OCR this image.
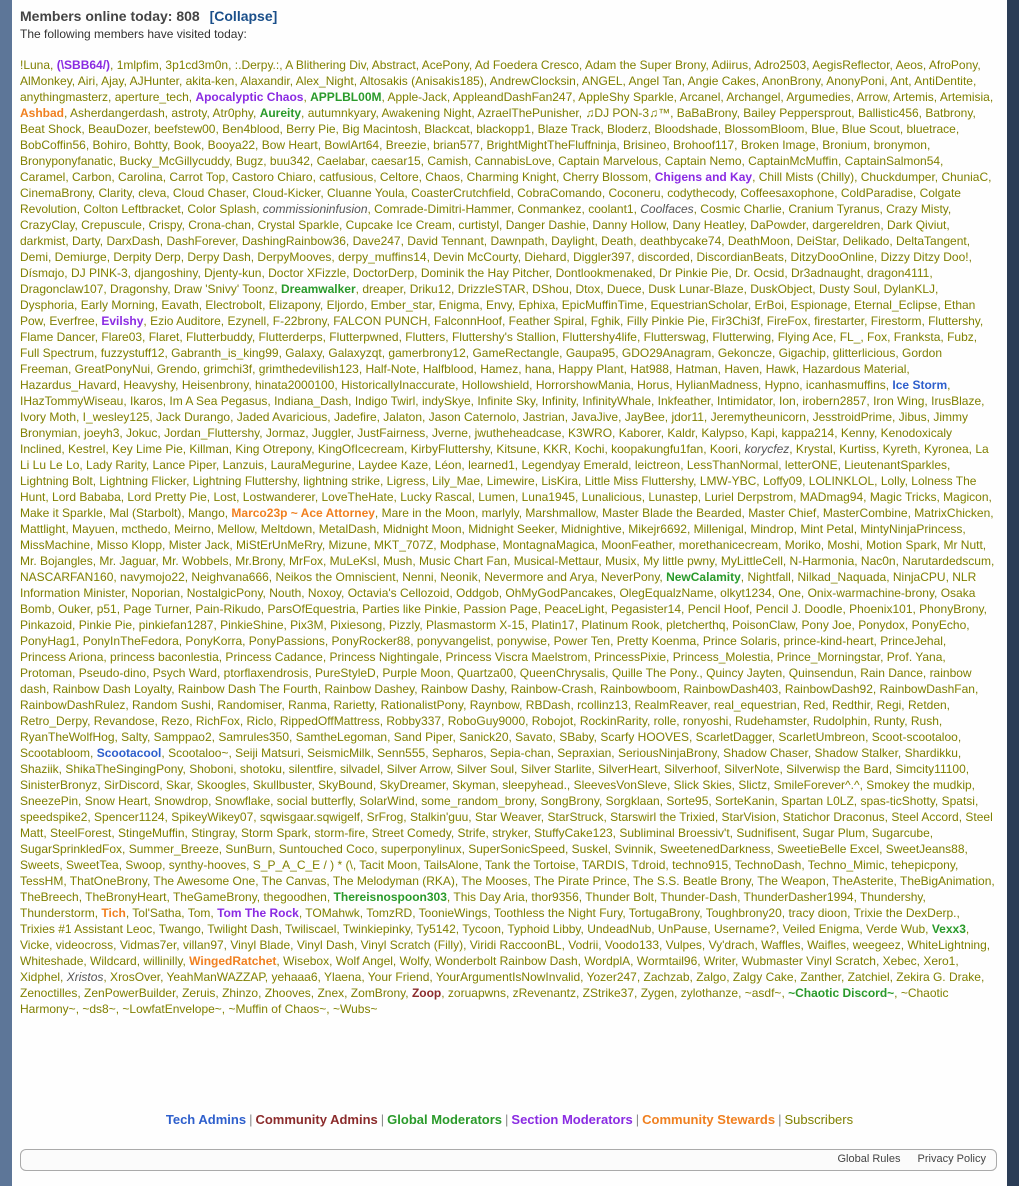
Members online today: 808 [Collapse]
The following members have visited today:
!Luna, (\SBB64/), 1mlpfim, 3p1cd3m0n, :.Derpy.:, A Blithering Div, Abstract, AcePony, Ad Foedera Cresco, Adam the Super Brony, Adiirus, Adro2503, AegisReflector, Aeos, AfroPony, AlMonkey, Airi, Ajay, AJHunter, akita-ken, Alaxandir, Alex_Night, Altosakis (Anisakis185), AndrewClocksin, ANGEL, Angel Tan, Angie Cakes, AnonBrony, AnonyPoni, Ant, AntiDentite, anythingmasterz, aperture_tech, Apocalyptic Chaos, APPLBL00M, Apple-Jack, AppleandDashFan247, AppleShy Sparkle, Arcanel, Archangel, Argumedies, Arrow, Artemis, Artemisia, Ashbad, Asherdangerdash, astroty, Atr0phy, Aureity, autumnkyary, Awakening Night, AzraelThePunisher, ♫DJ PON-3♫™, BaBaBrony, Bailey Peppersprout, Ballistic456, Batbrony, Beat Shock, BeauDozer, beefstew00, Ben4blood, Berry Pie, Big Macintosh, Blackcat, blackopp1, Blaze Track, Bloderz, Bloodshade, BlossomBloom, Blue, Blue Scout, bluetrace, BobCoffin56, Bohiro, Bohtty, Book, Booya22, Bow Heart, BowlArt64, Breezie, brian577, BrightMightTheFluffninja, Brisineo, Brohoof117, Broken Image, Bronium, bronymon, Bronyponyfanatic, Bucky_McGillycuddy, Bugz, buu342, Caelabar, caesar15, Camish, CannabisLove, Captain Marvelous, Captain Nemo, CaptainMcMuffin, CaptainSalmon54, Caramel, Carbon, Carolina, Carrot Top, Castoro Chiaro, catfusious, Celtore, Chaos, Charming Knight, Cherry Blossom, Chigens and Kay, Chill Mists (Chilly), Chuckdumper, ChuniaC, CinemaBrony, Clarity, cleva, Cloud Chaser, Cloud-Kicker, Cluanne Youla, CoasterCrutchfield, CobraComando, Coconeru, codythecody, Coffeesaxophone, ColdParadise, Colgate Revolution, Colton Leftbracket, Color Splash, commissioninfusion, Comrade-Dimitri-Hammer, Conmankez, coolant1, Coolfaces, Cosmic Charlie, Cranium Tyranus, Crazy Misty, CrazyClay, Crepuscule, Crispy, Crona-chan, Crystal Sparkle, Cupcake Ice Cream, curtistyl, Danger Dashie, Danny Hollow, Dany Heatley, DaPowder, dargereldren, Dark Qiviut, darkmist, Darty, DarxDash, DashForever, DashingRainbow36, Dave247, David Tennant, Dawnpath, Daylight, Death, deathbycake74, DeathMoon, DeiStar, Delikado, DeltaTangent, Demi, Demiurge, Derpity Derp, Derpy Dash, DerpyMooves, derpy_muffins14, Devin McCourty, Diehard, Diggler397, discorded, DiscordianBeats, DitzyDooOnline, Dizzy Ditzy Doo!, Dísmαjo, DJ PINK-3, djangoshiny, Djenty-kun, Doctor XFizzle, DoctorDerp, Dominik the Hay Pitcher, Dontlookmenaked, Dr Pinkie Pie, Dr. Ocsid, Dr3adnaught, dragon4111, Dragonclaw107, Dragonshy, Draw 'Snivy' Toonz, Dreamwalker, dreaper, Driku12, DrizzleSTAR, DShou, Dtox, Duece, Dusk Lunar-Blaze, DuskObject, Dusty Soul, DylanKLJ, Dysphoria, Early Morning, Eavath, Electrobolt, Elizapony, Eljordo, Ember_star, Enigma, Envy, Ephixa, EpicMuffinTime, EquestrianScholar, ErBoi, Espionage, Eternal_Eclipse, Ethan Pow, Everfree, Evilshy, Ezio Auditore, Ezynell, F-22brony, FALCON PUNCH, FalconnHoof, Feather Spiral, Fghik, Filly Pinkie Pie, Fir3Chi3f, FireFox, firestarter, Firestorm, Fluttershy, Flame Dancer, Flare03, Flaret, Flutterbuddy, Flutterderps, Flutterpwned, Flutters, Fluttershy's Stallion, Fluttershy4life, Flutterswag, Flutterwing, Flying Ace, FL_, Fox, Frankstа, Fubz, Full Spectrum, fuzzystuff12, Gabranth_is_king99, Galaxy, Galaxyzqt, gamerbrony12, GameRectangle, Gaupa95, GDO29Anagram, Gekoncze, Gigachip, glitterlicious, Gordon Freeman, GreatPonyNui, Grendo, grimchi3f, grimthedevilish123, Half-Note, Halfblood, Hamez, hana, Happy Plant, Hat988, Hatman, Haven, Hawk, Hazardous Material, Hazardus_Havard, Heavyshy, Heisenbrony, hinata2000100, HistoricallyInaccurate, Hollowshield, HorrorshowMania, Horus, HylianMadness, Hypno, icanhasmuffins, Ice Storm, IHazTommyWiseau, Ikaros, Im A Sea Pegasus, Indiana_Dash, Indigo Twirl, indySkye, Infinite Sky, Infinity, InfinityWhale, Inkfeather, Intimidator, Ion, irobern2857, Iron Wing, IrusBlaze, Ivory Moth, I_wesley125, Jack Durango, Jaded Avaricious, Jadefire, Jalaton, Jason Caternolo, Jastrian, JavaJive, JayBee, jdor11, Jeremytheunicorn, JesstroidPrime, Jibus, Jimmy Bronymian, joeyh3, Jokuc, Jordan_Fluttershy, Jormaz, Juggler, JustFairness, Jverne, jwutheheadcase, K3WRO, Kaborer, Kaldr, Kalypso, Kapi, kappa214, Kenny, Kenodoxicaly Inclined, Kestrel, Key Lime Pie, Killman, King Otreрony, KingOfIcecream, KirbyFluttershy, Kitsune, KKR, Kochi, koopakungfu1fan, Koori, korycfez, Krystal, Kurtiss, Kyreth, Kyronea, La Li Lu Le Lo, Lady Rarity, Lance Piper, Lanzuis, LauraMegurine, Laydee Kaze, Léon, learned1, Legendyay Emerald, leictreon, LessThanNormal, letterONE, LieutenantSparkles, Lightning Bolt, Lightning Flicker, Lightning Fluttershy, lightning strike, Ligress, Lily_Mae, Limewire, LisKira, Little Miss Fluttershy, LMW-YBC, Loffy09, LOLINKLOL, Lolly, Lolness The Hunt, Lord Bababa, Lord Pretty Pie, Lost, Lostwanderer, LoveTheHate, Lucky Rascal, Lumen, Luna1945, Lunalicious, Lunastep, Luriel Derpstrom, MADmag94, Magic Tricks, Magicon, Make it Sparkle, Mal (Starbolt), Mango, Marco23p ~ Ace Attorney, Mare in the Moon, marlyly, Marshmallow, Master Blade the Bearded, Master Chief, MasterCombine, MatrixChicken, Mattlight, Mayuen, mcthedo, Meirno, Mellow, Meltdown, MetalDash, Midnight Moon, Midnight Seeker, Midnightive, Mikejr6692, Millenigal, Mindrop, Mint Petal, MintyNinjaPrincess, MissMachine, Misso Klopp, Mister Jack, MiStErUnMeRry, Mizune, MKT_707Z, Modphase, MontagnaMagica, MoonFeather, morethanicecream, Moriko, Moshi, Motion Spark, Mr Nutt, Mr. Bojangles, Mr. Jaguar, Mr. Wobbels, Mr.Brony, MrFox, MuLeKsl, Mush, Music Chart Fan, Musical-Mettaur, Musix, My little pwny, MyLittleCell, N-Harmonia, Nac0n, Narutardedscum, NASCARFAN160, navymojo22, Neighvana666, Neikos the Omniscient, Nenni, Neonik, Nevermore and Arya, NeverPony, NewCalamity, Nightfall, Nilkad_Naquada, NinjaCPU, NLR Information Minister, Noporian, NostalgicPony, Nouth, Noxoy, Octavia's Cellozoid, Oddgob, OhMyGodPancakes, OlegEqualzName, olkyt1234, One, Onix-warmachine-brony, Osaka Bomb, Ouker, p51, Page Turner, Pain-Rikudo, ParsOfEquestria, Parties like Pinkie, Passion Page, PeaceLight, Pegasister14, Pencil Hoof, Pencil J. Doodle, Phoenix101, PhonyBrony, Pinkazoid, Pinkie Pie, pinkiefan1287, PinkieShine, Pix3M, Pixiesong, Pizzly, Plasmastorm X-15, Platin17, Platinum Rook, pletcherthq, PoisonClaw, Pony Joe, Ponydox, PonyEcho, PonyHag1, PonyInTheFedora, PonyKorra, PonyPassions, PonyRocker88, ponyvangelist, ponywise, Power Ten, Pretty Koenma, Prince Solaris, prince-kind-heart, PrinceJehal, Princess Ariona, princess baconlestia, Princess Cadance, Princess Nightingale, Princess Viscra Maelstrom, PrincessPixie, Princess_Molestia, Prince_Morningstar, Prof. Yana, Protoman, Pseudo-dino, Psych Ward, ptorflaxendrosis, PureStyleD, Purple Moon, Quartza00, QueenChrysalis, Quille The Pony., Quincy Jayten, Quinsendun, Rain Dance, rainbow dash, Rainbow Dash Loyalty, Rainbow Dash The Fourth, Rainbow Dashey, Rainbow Dashy, Rainbow-Crash, Rainbowboom, RainbowDash403, RainbowDash92, RainbowDashFan, RainbowDashRulez, Random Sushi, Randomiser, Ranma, Rarietty, RationalistPony, Raynbow, RBDash, rcollinz13, RealmReaver, real_equestrian, Red, Redthir, Regi, Retden, Retro_Derpy, Revandose, Rezo, RichFox, Riclo, RippedOffMattress, Robby337, RoboGuy9000, Robojot, RockinRarity, rolle, ronyoshi, Rudehamster, Rudolphin, Runty, Rush, RyanTheWolfHog, Salty, Samppao2, Samrules350, SamtheLegoman, Sand Piper, Sanick20, Savato, SBaby, Scarfy HOOVES, ScarletDagger, ScarletUmbreon, Scoot-scootaloo, Scootabloom, Scootacool, Scootaloo~, Seiji Matsuri, SeismicMilk, Senn555, Sepharos, Sepia-chan, Sepraxian, SeriousNinjaBrony, Shadow Chaser, Shadow Stalker, Shardikku, Shaziik, ShikaTheSingingPony, Shoboni, shotoku, silentfire, silvadel, Silver Arrow, Silver Soul, Silver Starlite, SilverHeart, Silverhoof, SilverNote, Silverwisp the Bard, Simcity11100, SinisterBronyz, SirDiscord, Skar, Skoogles, Skullbuster, SkyBound, SkyDreamer, Skyman, sleepyhead., SleevesVonSleve, Slick Skies, Slictz, SmileForever^.^, Smokey the mudkip, SneezePin, Snow Heart, Snowdrop, Snowflake, social butterfly, SolarWind, some_random_brony, SongBrony, Sorgklaan, Sorte95, SorteKanin, Spartan L0LZ, spas-ticShotty, Spatsi, speedspike2, Spencer1124, SpikeyWikey07, sqwisgaar.sqwigelf, SrFrog, Stalkin'guu, Star Weaver, StarStruck, Starswirl the Trixied, StarVision, Statichor Draconus, Steel Accord, Steel Matt, SteelForest, StingeMuffin, Stingray, Storm Spark, storm-fire, Street Comedy, Strife, stryker, StuffyCake123, Subliminal Broessiv't, Sudnifisent, Sugar Plum, Sugarcube, SugarSprinkledFox, Summer_Breeze, SunBurn, Suntouched Coco, superponylinux, SuperSonicSpeed, Suskel, Svinnik, SweetenedDarkness, SweetieBelle Excel, SweetJeans88, Sweets, SweetTea, Swoop, synthy-hooves, S_P_A_C_E / ) * (\, Tacit Moon, TailsAlone, Tank the Tortoise, TARDIS, Tdroid, techno915, TechnoDash, Techno_Mimic, tehepicpony, TessHM, ThatOneBrony, The Awesome One, The Canvas, The Melodyman (RKA), The Mooses, The Pirate Prince, The S.S. Beatle Brony, The Weapon, TheAsterite, TheBigAnimation, TheBreech, TheBronyHeart, TheGameBrony, thegoodhen, Thereisnospoon303, This Day Aria, thor9356, Thunder Bolt, Thunder-Dash, ThunderDasher1994, Thundershy, Thunderstorm, Tich, Tol'Satha, Tom, Tom The Rock, TOMahwk, TomzRD, ToonieWings, Toothless the Night Fury, TortugaBrony, Toughbrony20, tracy dioon, Trixie the DexDerp., Trixies #1 Assistant Leoc, Twango, Twilight Dash, Twiliscael, Twinkiepinky, Ty5142, Tycoon, Typhoid Libby, UndeadNub, UnPause, Username?, Veiled Enigma, Verde Wub, Vexx3, Vicke, videocross, Vidmas7er, villan97, Vinyl Blade, Vinyl Dash, Vinyl Scratch (Filly), Viridi RaccoonBL, Vodrii, Voodo133, Vulpes, Vy'drach, Waffles, Waifles, weegeez, WhiteLightning, Whiteshade, Wildcard, willinilly, WingedRatchet, Wisebox, Wolf Angel, Wolfy, Wonderbolt Rainbow Dash, WordplA, Wormtail96, Writer, Wubmaster Vinyl Scratch, Xebec, Xero1, Xidphel, Xristos, XrosOver, YeahManWAZZAP, yehaaa6, Ylaena, Your Friend, YourArgumentIsNowInvalid, Yozer247, Zachzab, Zalgo, Zalgy Cake, Zanther, Zatchiel, Zekira G. Drake, Zenoctilles, ZenPowerBuilder, Zeruis, Zhinzo, Zhooves, Znex, ZomBrony, Zoop, zoruapwns, zRevenantz, ZStrike37, Zygen, zylothanze, ~asdf~, ~Chaotic Discord~, ~Chaotic Harmony~, ~ds8~, ~LowfatEnvelope~, ~Muffin of Chaos~, ~Wubs~
Tech Admins | Community Admins | Global Moderators | Section Moderators | Community Stewards | Subscribers
Global Rules Privacy Policy
